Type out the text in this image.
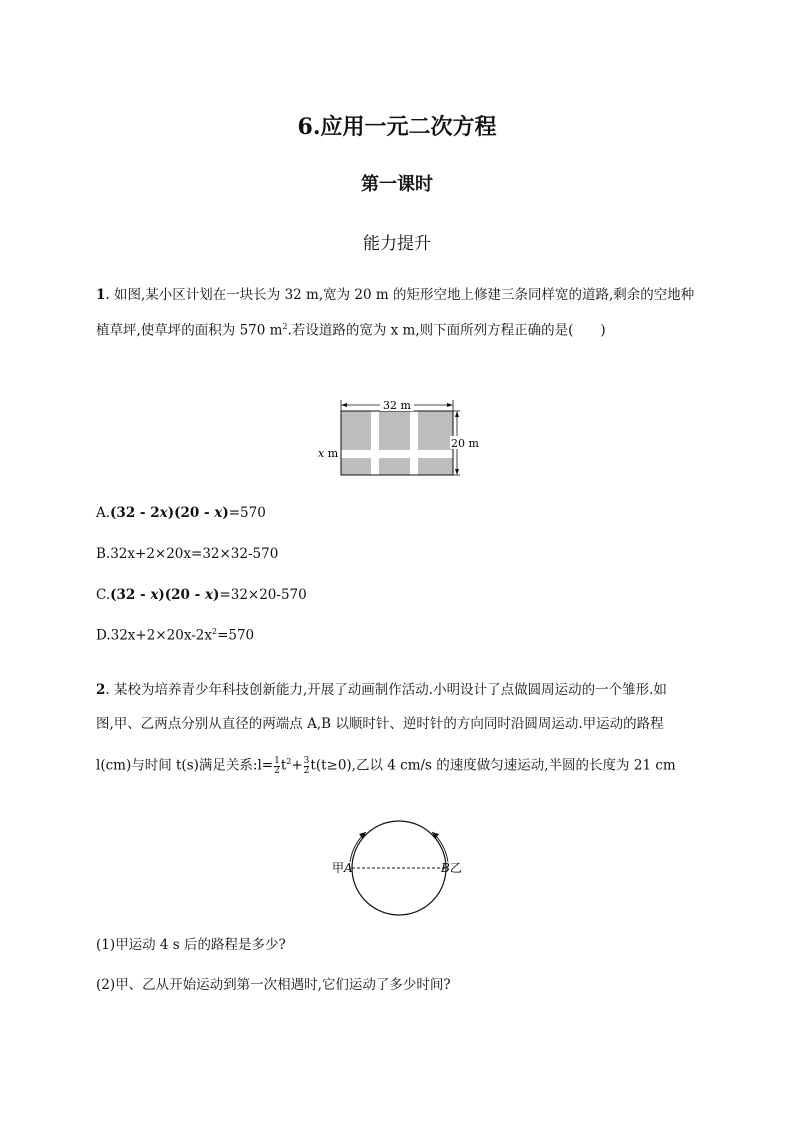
6.应用一元二次方程
第一课时
能力提升
1. 如图,某小区计划在一块长为 32 m,宽为 20 m 的矩形空地上修建三条同样宽的道路,剩余的空地种
植草坪,使草坪的面积为 570 $m^2$.若设道路的宽为 x m,则下面所列方程正确的是(　　)
32 m
20 m
x m
A.(32 - 2x)(20 - x)=570
B.32x+2×20x=32×32-570
C.(32 - x)(20 - x)=32×20-570
$D.32x+2\times 20x-2x^2=570$
2. 某校为培养青少年科技创新能力,开展了动画制作活动.小明设计了点做圆周运动的一个雏形.如
图,甲、乙两点分别从直径的两端点 A,B 以顺时针、逆时针的方向同时沿圆周运动.甲运动的路程
l(cm)与时间 t(s)满足关系:l= $\frac{1}{2} t^2+ \frac{3}{2} t(t\ge 0)$,乙以 4 cm/s 的速度做匀速运动,半圆的长度为 21 cm
甲A	B乙
(1)甲运动 4 s 后的路程是多少?
(2)甲、乙从开始运动到第一次相遇时,它们运动了多少时间?
